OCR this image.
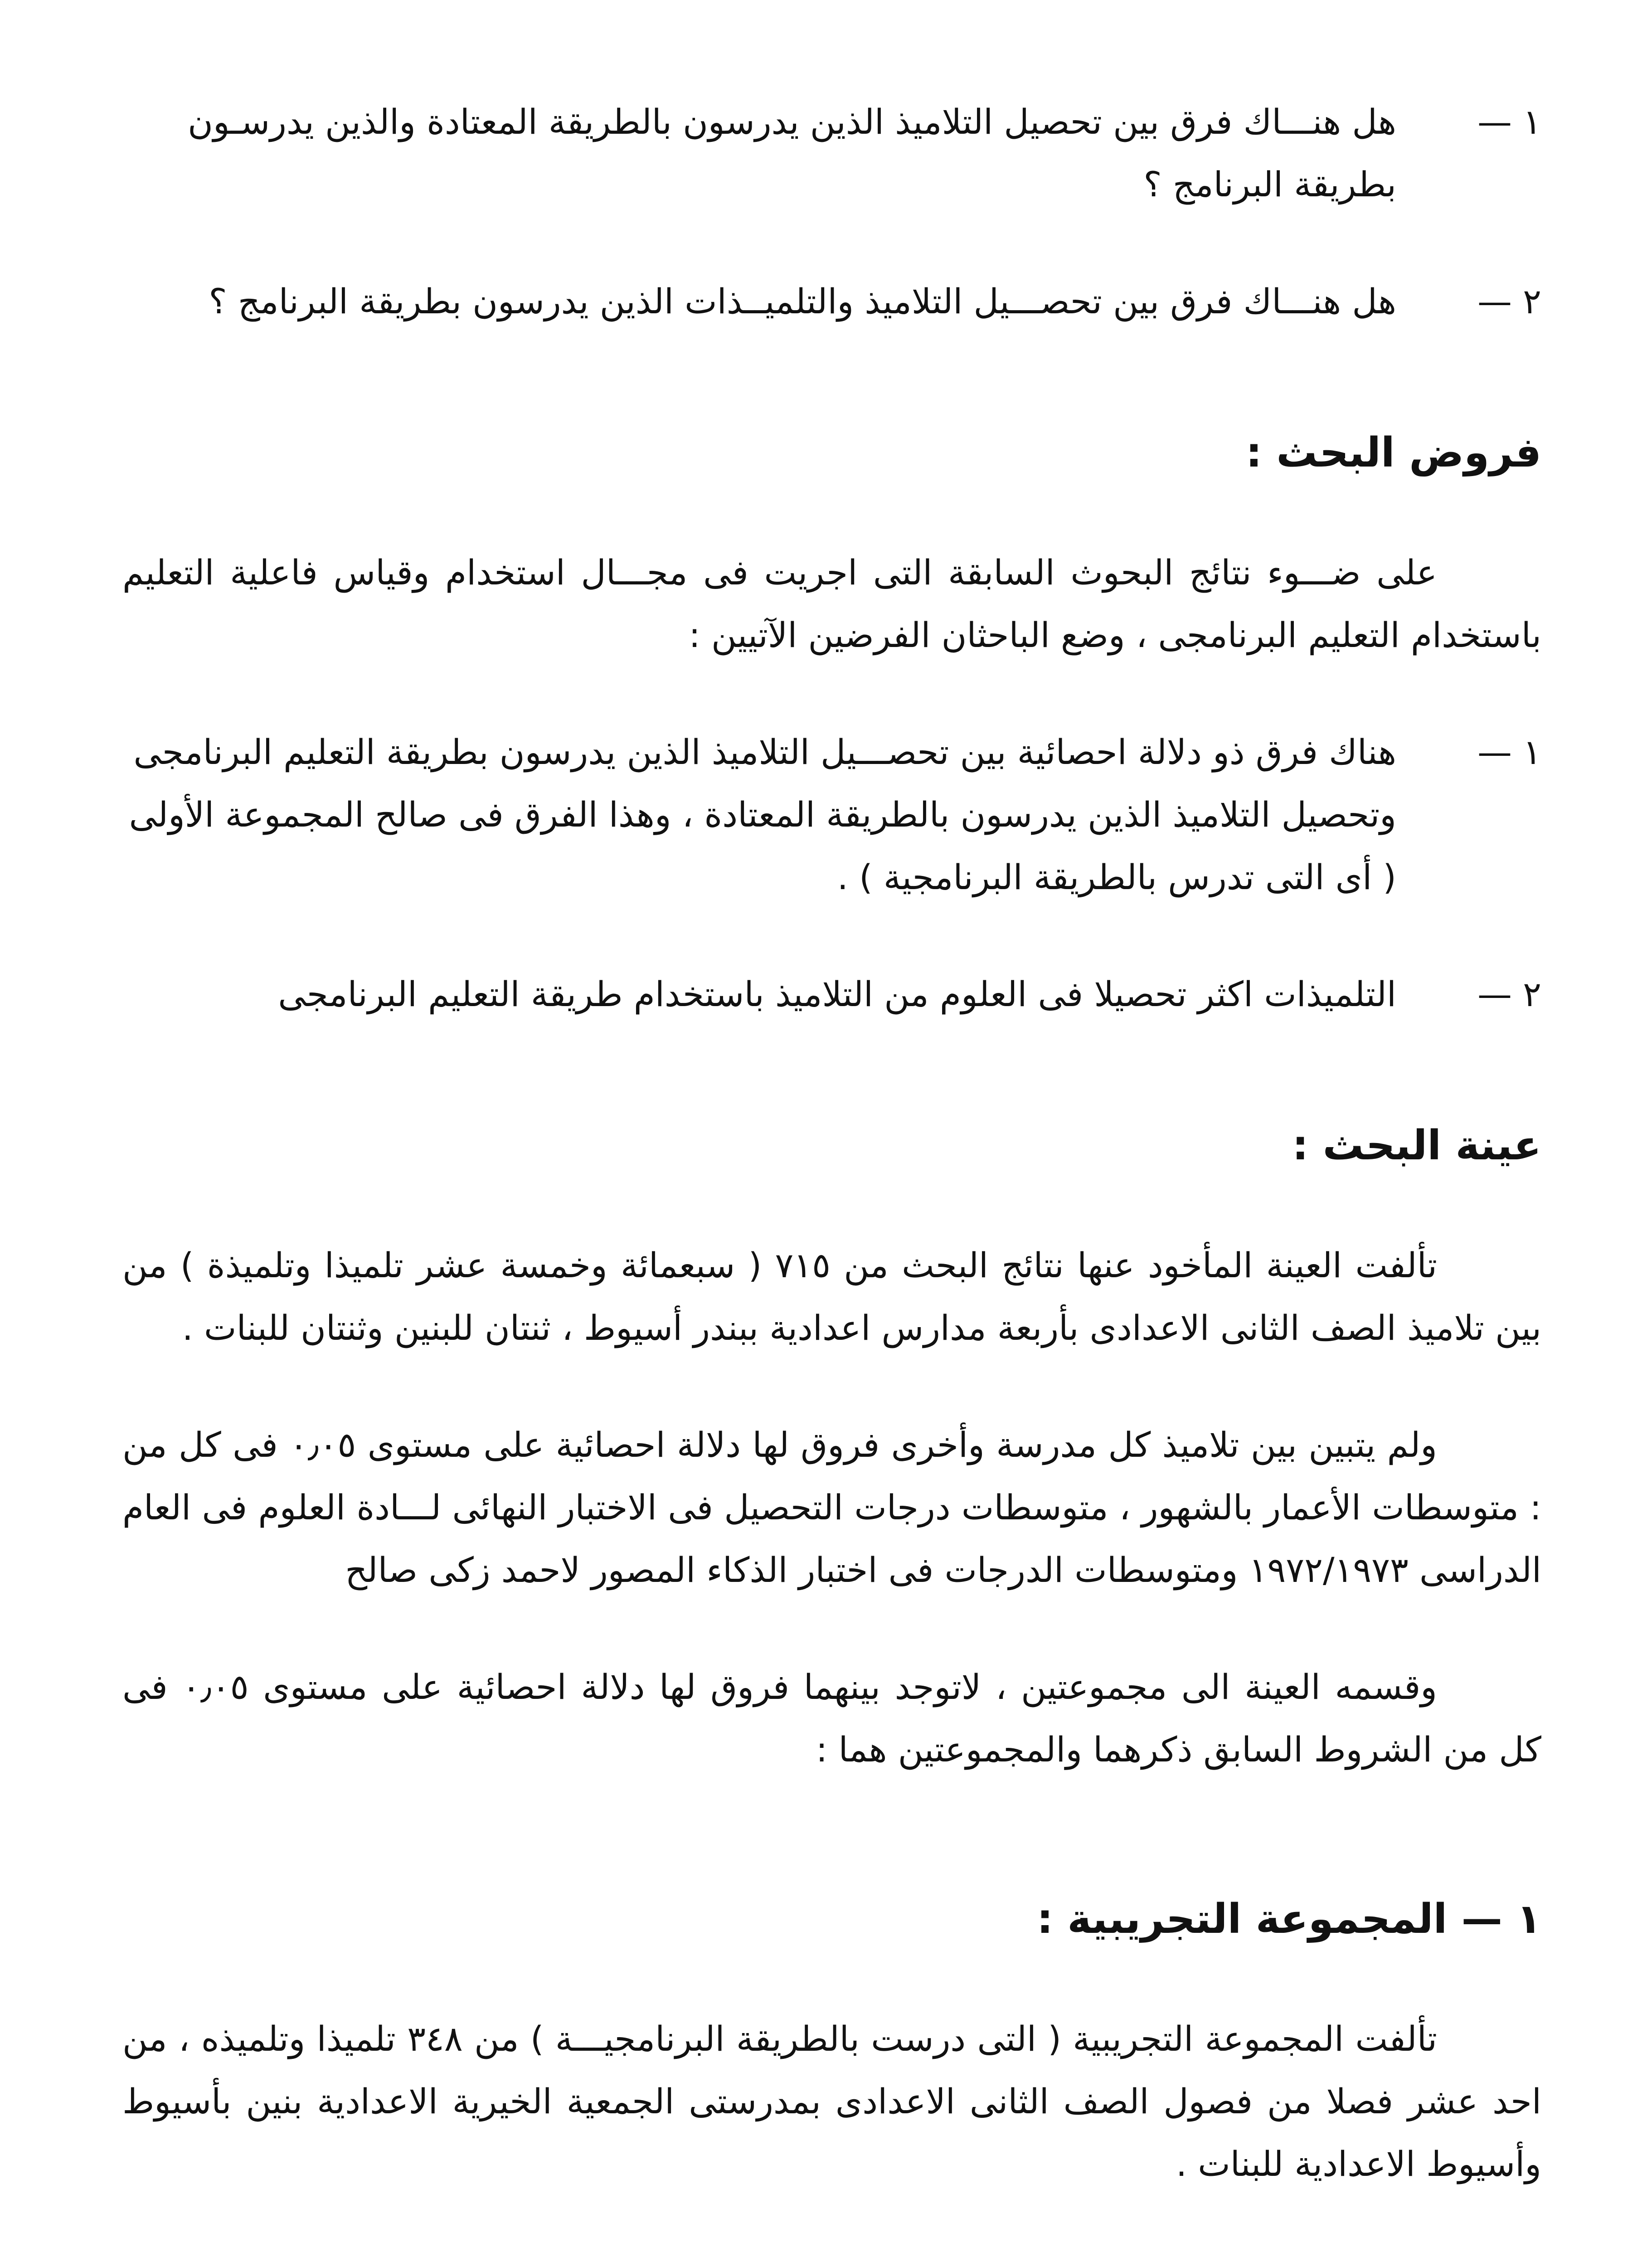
١ —
هل هنـــاك فرق بين تحصيل التلاميذ الذين يدرسون بالطريقة المعتادة والذين يدرسـون بطريقة البرنامج ؟
٢ —
هل هنـــاك فرق بين تحصـــيل التلاميذ والتلميــذات الذين يدرسون بطريقة البرنامج ؟
فروض البحث :
على ضـــوء نتائج البحوث السابقة التى اجريت فى مجـــال استخدام وقياس فاعلية التعليم باستخدام التعليم البرنامجى ، وضع الباحثان الفرضين الآتيين :
١ —
هناك فرق ذو دلالة احصائية بين تحصـــيل التلاميذ الذين يدرسون بطريقة التعليم البرنامجى وتحصيل التلاميذ الذين يدرسون بالطريقة المعتادة ، وهذا الفرق فى صالح المجموعة الأولى ( أى التى تدرس بالطريقة البرنامجية ) .
٢ —
التلميذات اكثر تحصيلا فى العلوم من التلاميذ باستخدام طريقة التعليم البرنامجى
عينة البحث :
تألفت العينة المأخود عنها نتائج البحث من ٧١٥ ( سبعمائة وخمسة عشر تلميذا وتلميذة ) من بين تلاميذ الصف الثانى الاعدادى بأربعة مدارس اعدادية ببندر أسيوط ، ثنتان للبنين وثنتان للبنات .
ولم يتبين بين تلاميذ كل مدرسة وأخرى فروق لها دلالة احصائية على مستوى ٠٫٠٥ فى كل من : متوسطات الأعمار بالشهور ، متوسطات درجات التحصيل فى الاختبار النهائى لـــادة العلوم فى العام الدراسى ١٩٧٢/١٩٧٣ ومتوسطات الدرجات فى اختبار الذكاء المصور لاحمد زكى صالح
وقسمه العينة الى مجموعتين ، لاتوجد بينهما فروق لها دلالة احصائية على مستوى ٠٫٠٥ فى كل من الشروط السابق ذكرهما والمجموعتين هما :
١ — المجموعة التجريبية :
تألفت المجموعة التجريبية ( التى درست بالطريقة البرنامجيـــة ) من ٣٤٨ تلميذا وتلميذه ، من احد عشر فصلا من فصول الصف الثانى الاعدادى بمدرستى الجمعية الخيرية الاعدادية بنين بأسيوط وأسيوط الاعدادية للبنات .
